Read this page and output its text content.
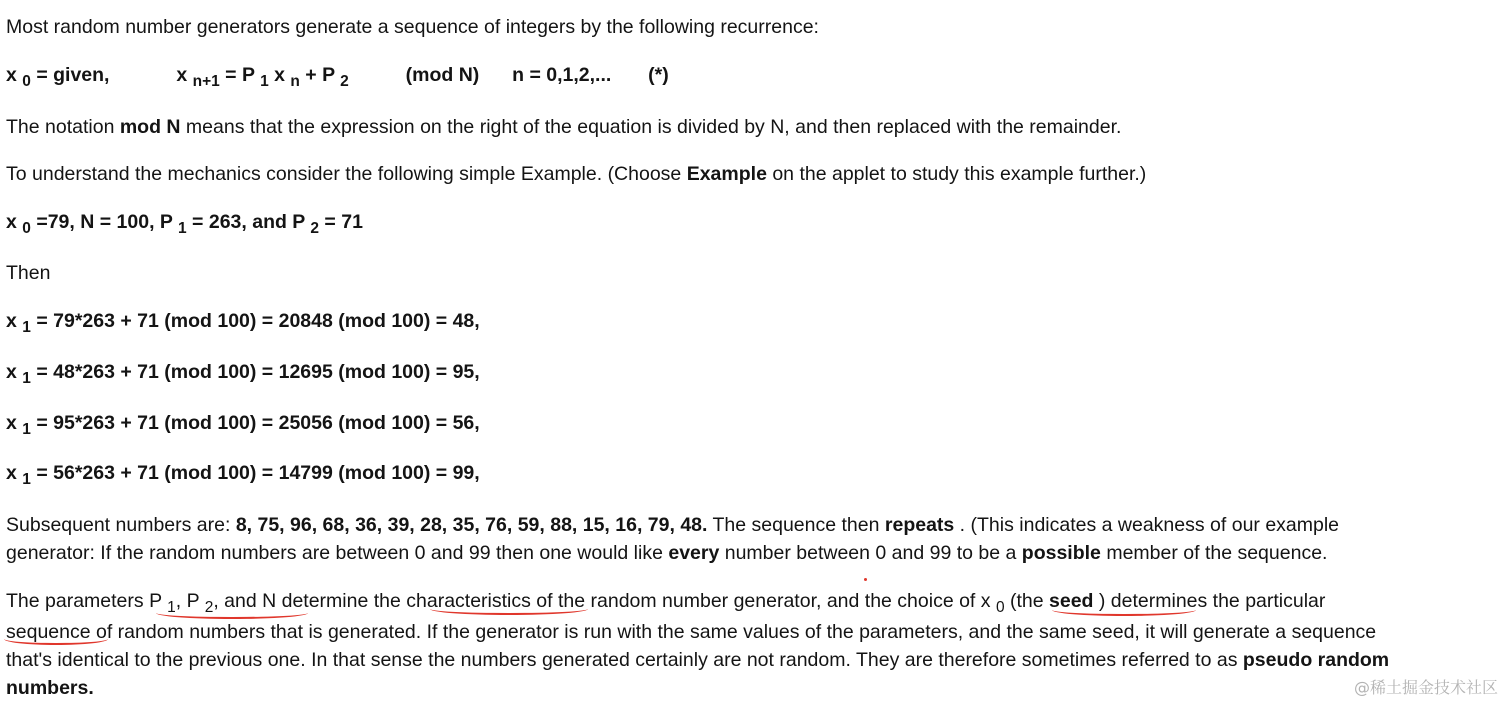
Most random number generators generate a sequence of integers by the following recurrence:
x $_0$ = given,	x $_{n+1}$ = P $_1$ x $_n$ + P $_2$	(mod N) n = 0,1,2,... (*)
The notation mod N means that the expression on the right of the equation is divided by N, and then replaced with the remainder.
To understand the mechanics consider the following simple Example. (Choose Example on the applet to study this example further.)
x $_0$ =79, N = 100, P $_1$ = 263, and P $_2$ = 71
Then
x $_1$ = 79*263 + 71 (mod 100) = 20848 (mod 100) = 48,
x $_1$ = 48*263 + 71 (mod 100) = 12695 (mod 100) = 95,
x $_1$ = 95*263 + 71 (mod 100) = 25056 (mod 100) = 56,
x $_1$ = 56*263 + 71 (mod 100) = 14799 (mod 100) = 99,
Subsequent numbers are: 8, 75, 96, 68, 36, 39, 28, 35, 76, 59, 88, 15, 16, 79, 48. The sequence then repeats . (This indicates a weakness of our example
generator: If the random numbers are between 0 and 99 then one would like every number between 0 and 99 to be a possible member of the sequence.
The parameters P $_1$, P $_2$, and N determine the characteristics of the random number generator, and the choice of x $_0$ (the seed ) determines the particular
sequence of random numbers that is generated. If the generator is run with the same values of the parameters, and the same seed, it will generate a sequence
that's identical to the previous one. In that sense the numbers generated certainly are not random. They are therefore sometimes referred to as pseudo random
numbers.	@稀土掘金技术社区
